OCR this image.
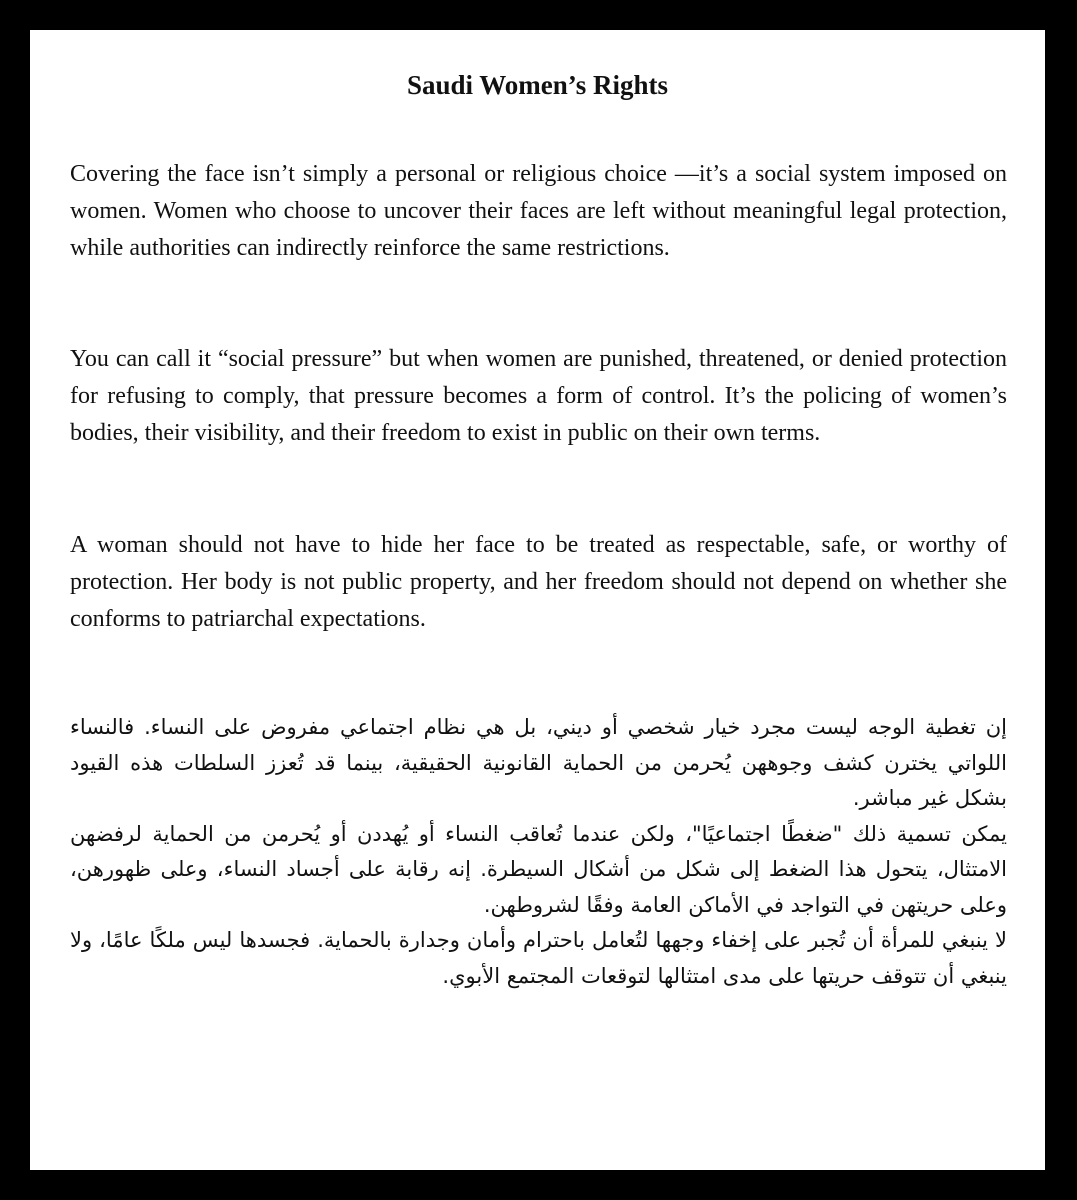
Saudi Women’s Rights

Covering the face isn’t simply a personal or religious choice —it’s a social system imposed on women. Women who choose to uncover their faces are left without meaningful legal protection, while authorities can indirectly reinforce the same restrictions.

You can call it “social pressure” but when women are punished, threatened, or denied protection for refusing to comply, that pressure becomes a form of control. It’s the policing of women’s bodies, their visibility, and their freedom to exist in public on their own terms.

A woman should not have to hide her face to be treated as respectable, safe, or worthy of protection. Her body is not public property, and her freedom should not depend on whether she conforms to patriarchal expectations.

إن تغطية الوجه ليست مجرد خيار شخصي أو ديني، بل هي نظام اجتماعي مفروض على النساء. فالنساء اللواتي يخترن كشف وجوههن يُحرمن من الحماية القانونية الحقيقية، بينما قد تُعزز السلطات هذه القيود بشكل غير مباشر.

يمكن تسمية ذلك "ضغطًا اجتماعيًا"، ولكن عندما تُعاقب النساء أو يُهددن أو يُحرمن من الحماية لرفضهن الامتثال، يتحول هذا الضغط إلى شكل من أشكال السيطرة. إنه رقابة على أجساد النساء، وعلى ظهورهن، وعلى حريتهن في التواجد في الأماكن العامة وفقًا لشروطهن.

لا ينبغي للمرأة أن تُجبر على إخفاء وجهها لتُعامل باحترام وأمان وجدارة بالحماية. فجسدها ليس ملكًا عامًا، ولا ينبغي أن تتوقف حريتها على مدى امتثالها لتوقعات المجتمع الأبوي.
